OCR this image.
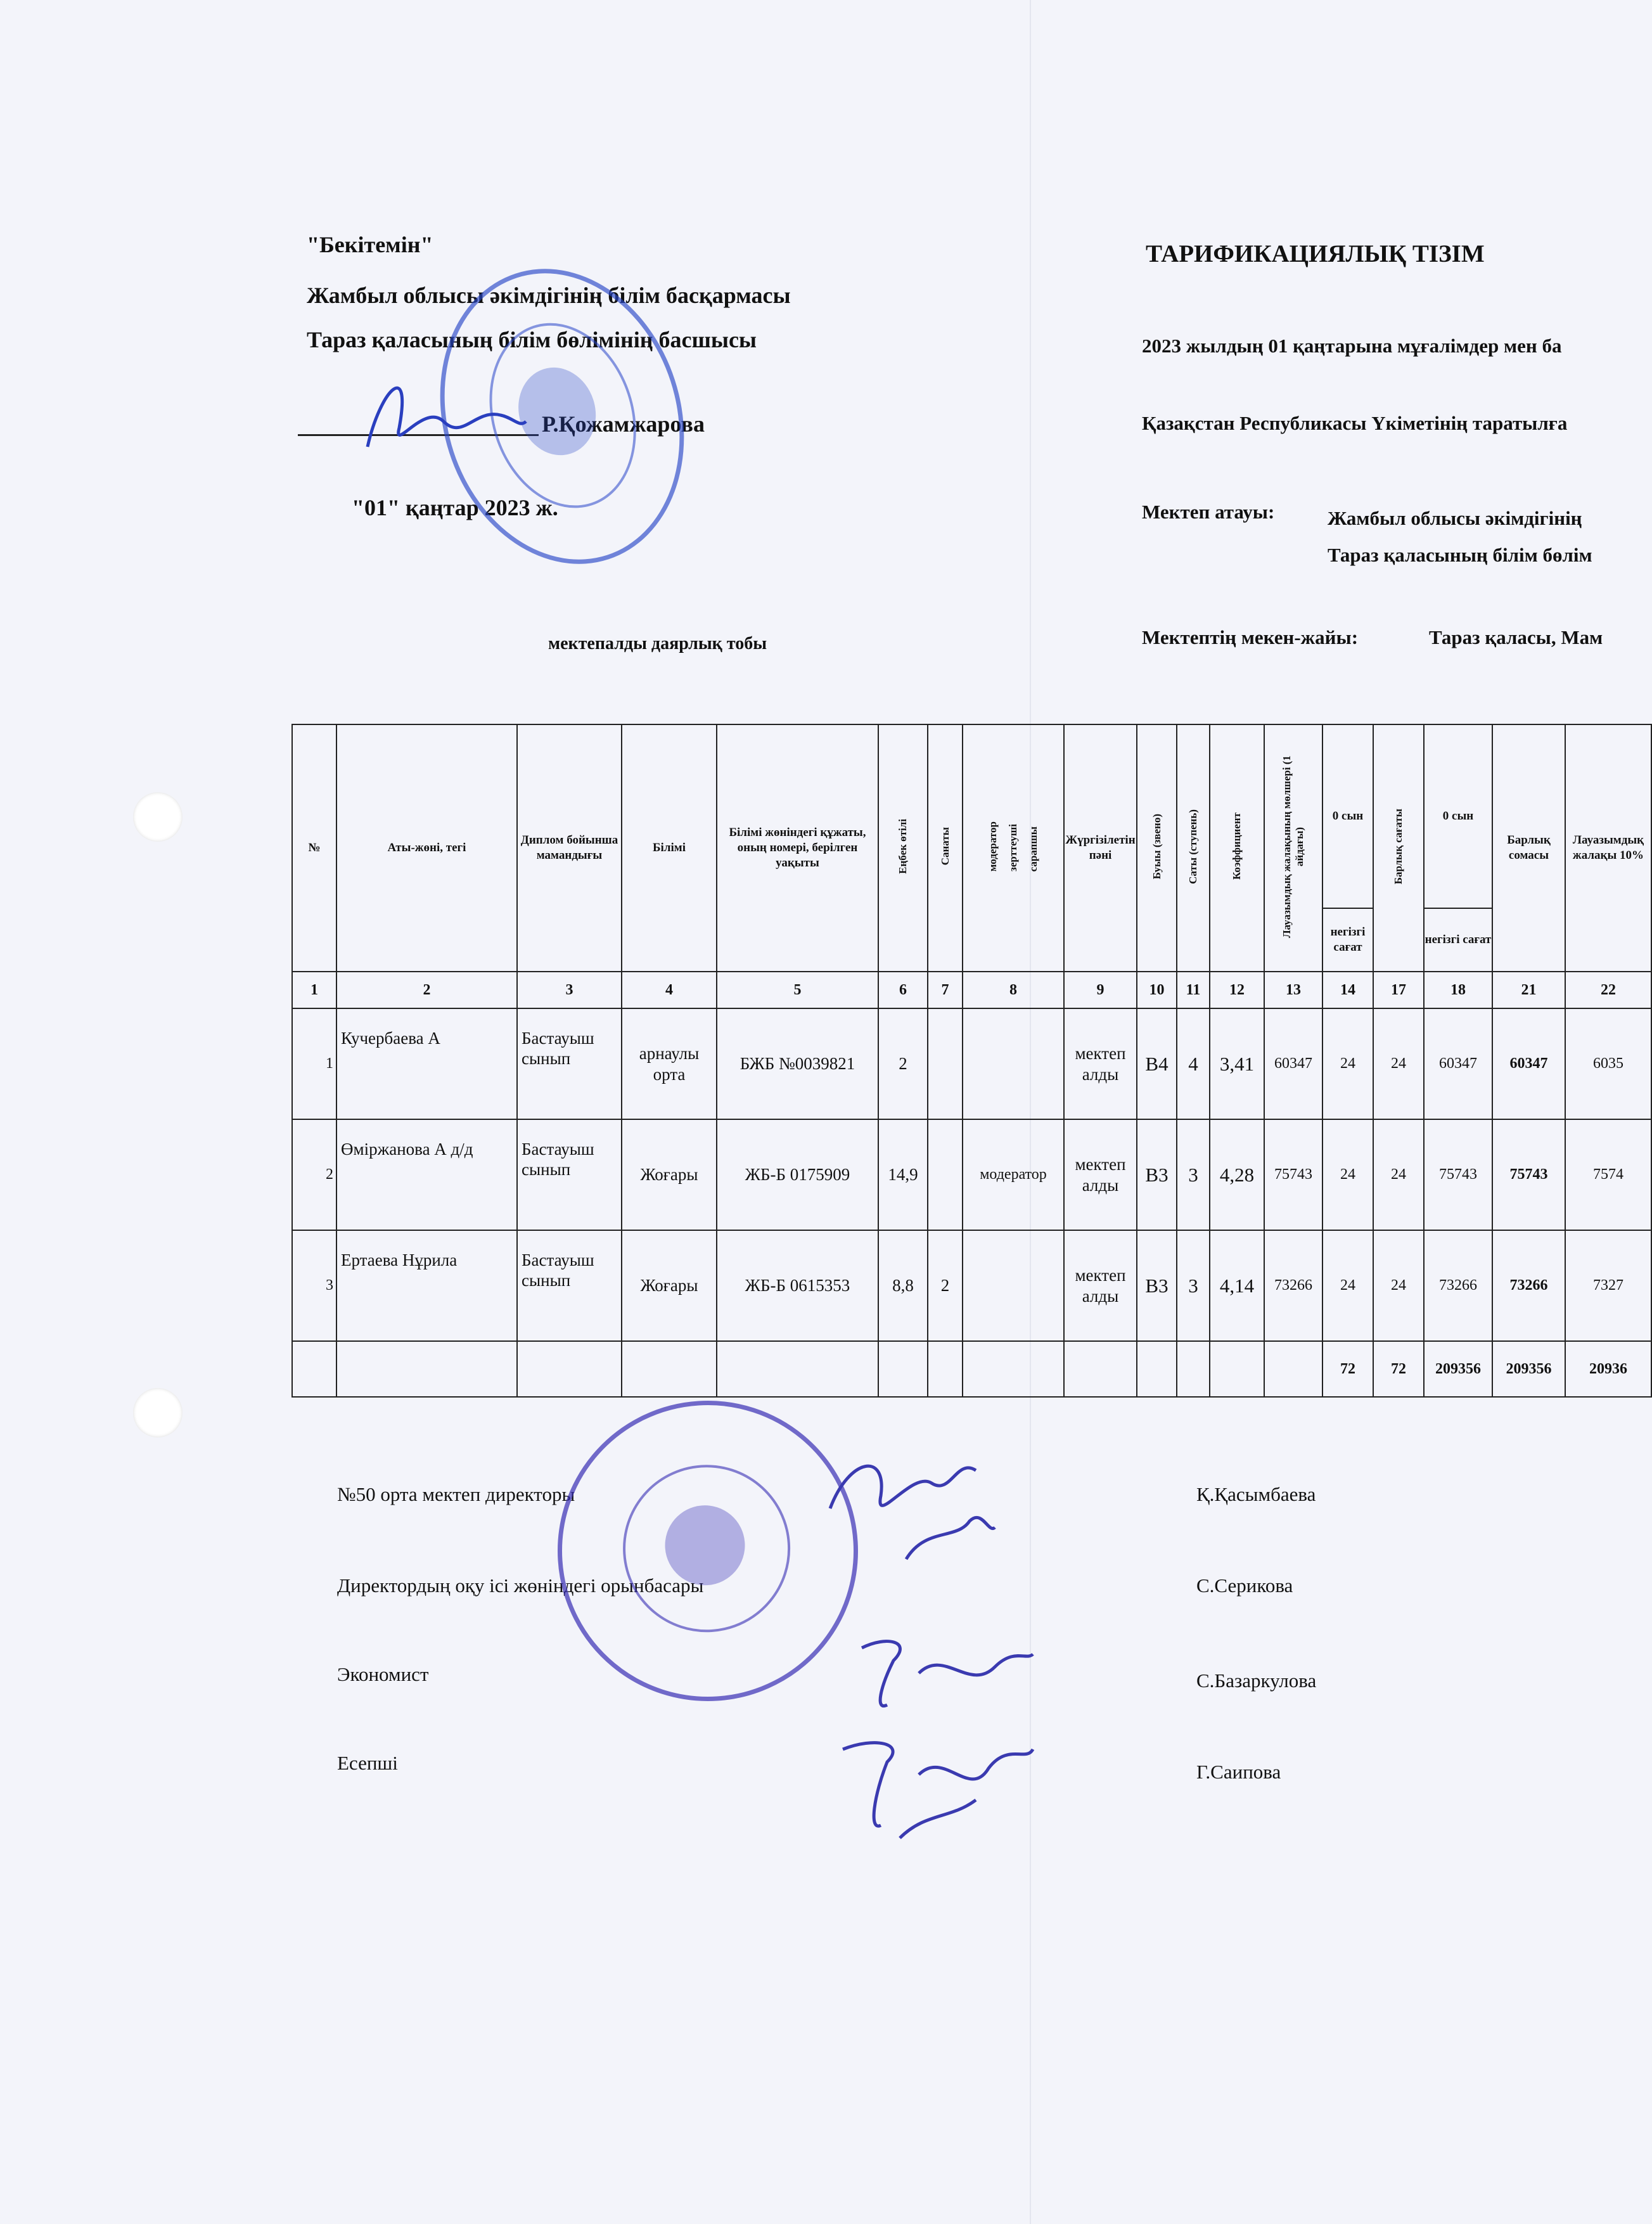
"Бекітемін"
Жамбыл облысы әкімдігінің білім басқармасы
Тараз қаласының білім бөлімінің басшысы
Р.Қожамжарова
"01" қаңтар 2023 ж.
ТАРИФИКАЦИЯЛЫҚ ТІЗІМ
2023 жылдың 01 қаңтарына мұғалімдер мен ба
Қазақстан Республикасы Үкіметінің таратылға
Мектеп атауы:	Жамбыл облысы әкімдігінің
Тараз қаласының білім бөлім
Мектептің мекен-жайы:	Тараз қаласы, Мам
мектепалды даярлық тобы
№	Аты-жөні, тегі	Диплом бойынша мамандығы	Білімі	Білімі жөніндегі құжаты, оның номері, берілген уақыты	Еңбек өтілі	Санаты	модератор зерттеуші сарапшы	Жүргізілетін пәні	Буыы (звено)	Саты (ступень)	Коэффициент	Лауазымдық жалақының мөлшері (1 айдағы)	0 сын	Барлық сағаты	0 сын	Барлық сомасы	Лауазымдық жалақы 10%
													негізгі сағат		негізгі сағат		
1	2	3	4	5	6	7	8	9	10	11	12	13	14	17	18	21	22
1	Кучербаева А	Бастауыш сынып	арнаулы орта	БЖБ №0039821	2			мектеп алды	В4	4	3,41	60347	24	24	60347	60347	6035
2	Өміржанова А д/д	Бастауыш сынып	Жоғары	ЖБ-Б 0175909	14,9		модератор	мектеп алды	В3	3	4,28	75743	24	24	75743	75743	7574
3	Ертаева Нұрила	Бастауыш сынып	Жоғары	ЖБ-Б 0615353	8,8	2		мектеп алды	В3	3	4,14	73266	24	24	73266	73266	7327
													72	72	209356	209356	20936
№50 орта мектеп директоры	Қ.Қасымбаева
Директордың оқу ісі жөніндегі орынбасары	С.Серикова
Экономист	С.Базаркулова
Есепші	Г.Саипова
